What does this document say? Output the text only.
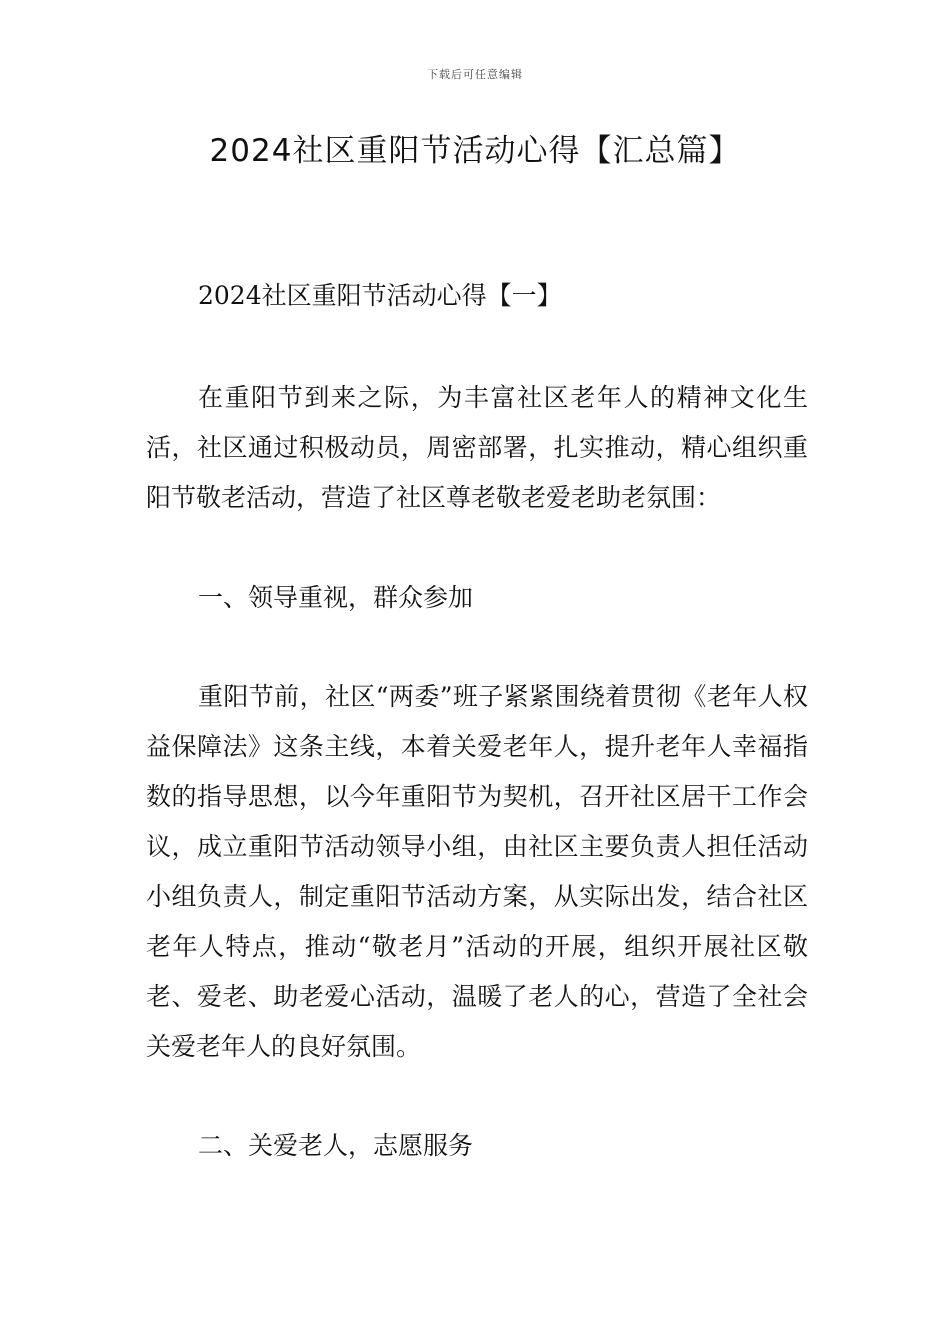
下载后可任意编辑
2024社区重阳节活动心得【汇总篇】

2024社区重阳节活动心得【一】

在重阳节到来之际，为丰富社区老年人的精神文化生活，社区通过积极动员，周密部署，扎实推动，精心组织重阳节敬老活动，营造了社区尊老敬老爱老助老氛围：

一、领导重视，群众参加

重阳节前，社区“两委”班子紧紧围绕着贯彻《老年人权益保障法》这条主线，本着关爱老年人，提升老年人幸福指数的指导思想，以今年重阳节为契机，召开社区居干工作会议，成立重阳节活动领导小组，由社区主要负责人担任活动小组负责人，制定重阳节活动方案，从实际出发，结合社区老年人特点，推动“敬老月”活动的开展，组织开展社区敬老、爱老、助老爱心活动，温暖了老人的心，营造了全社会关爱老年人的良好氛围。

二、关爱老人，志愿服务
